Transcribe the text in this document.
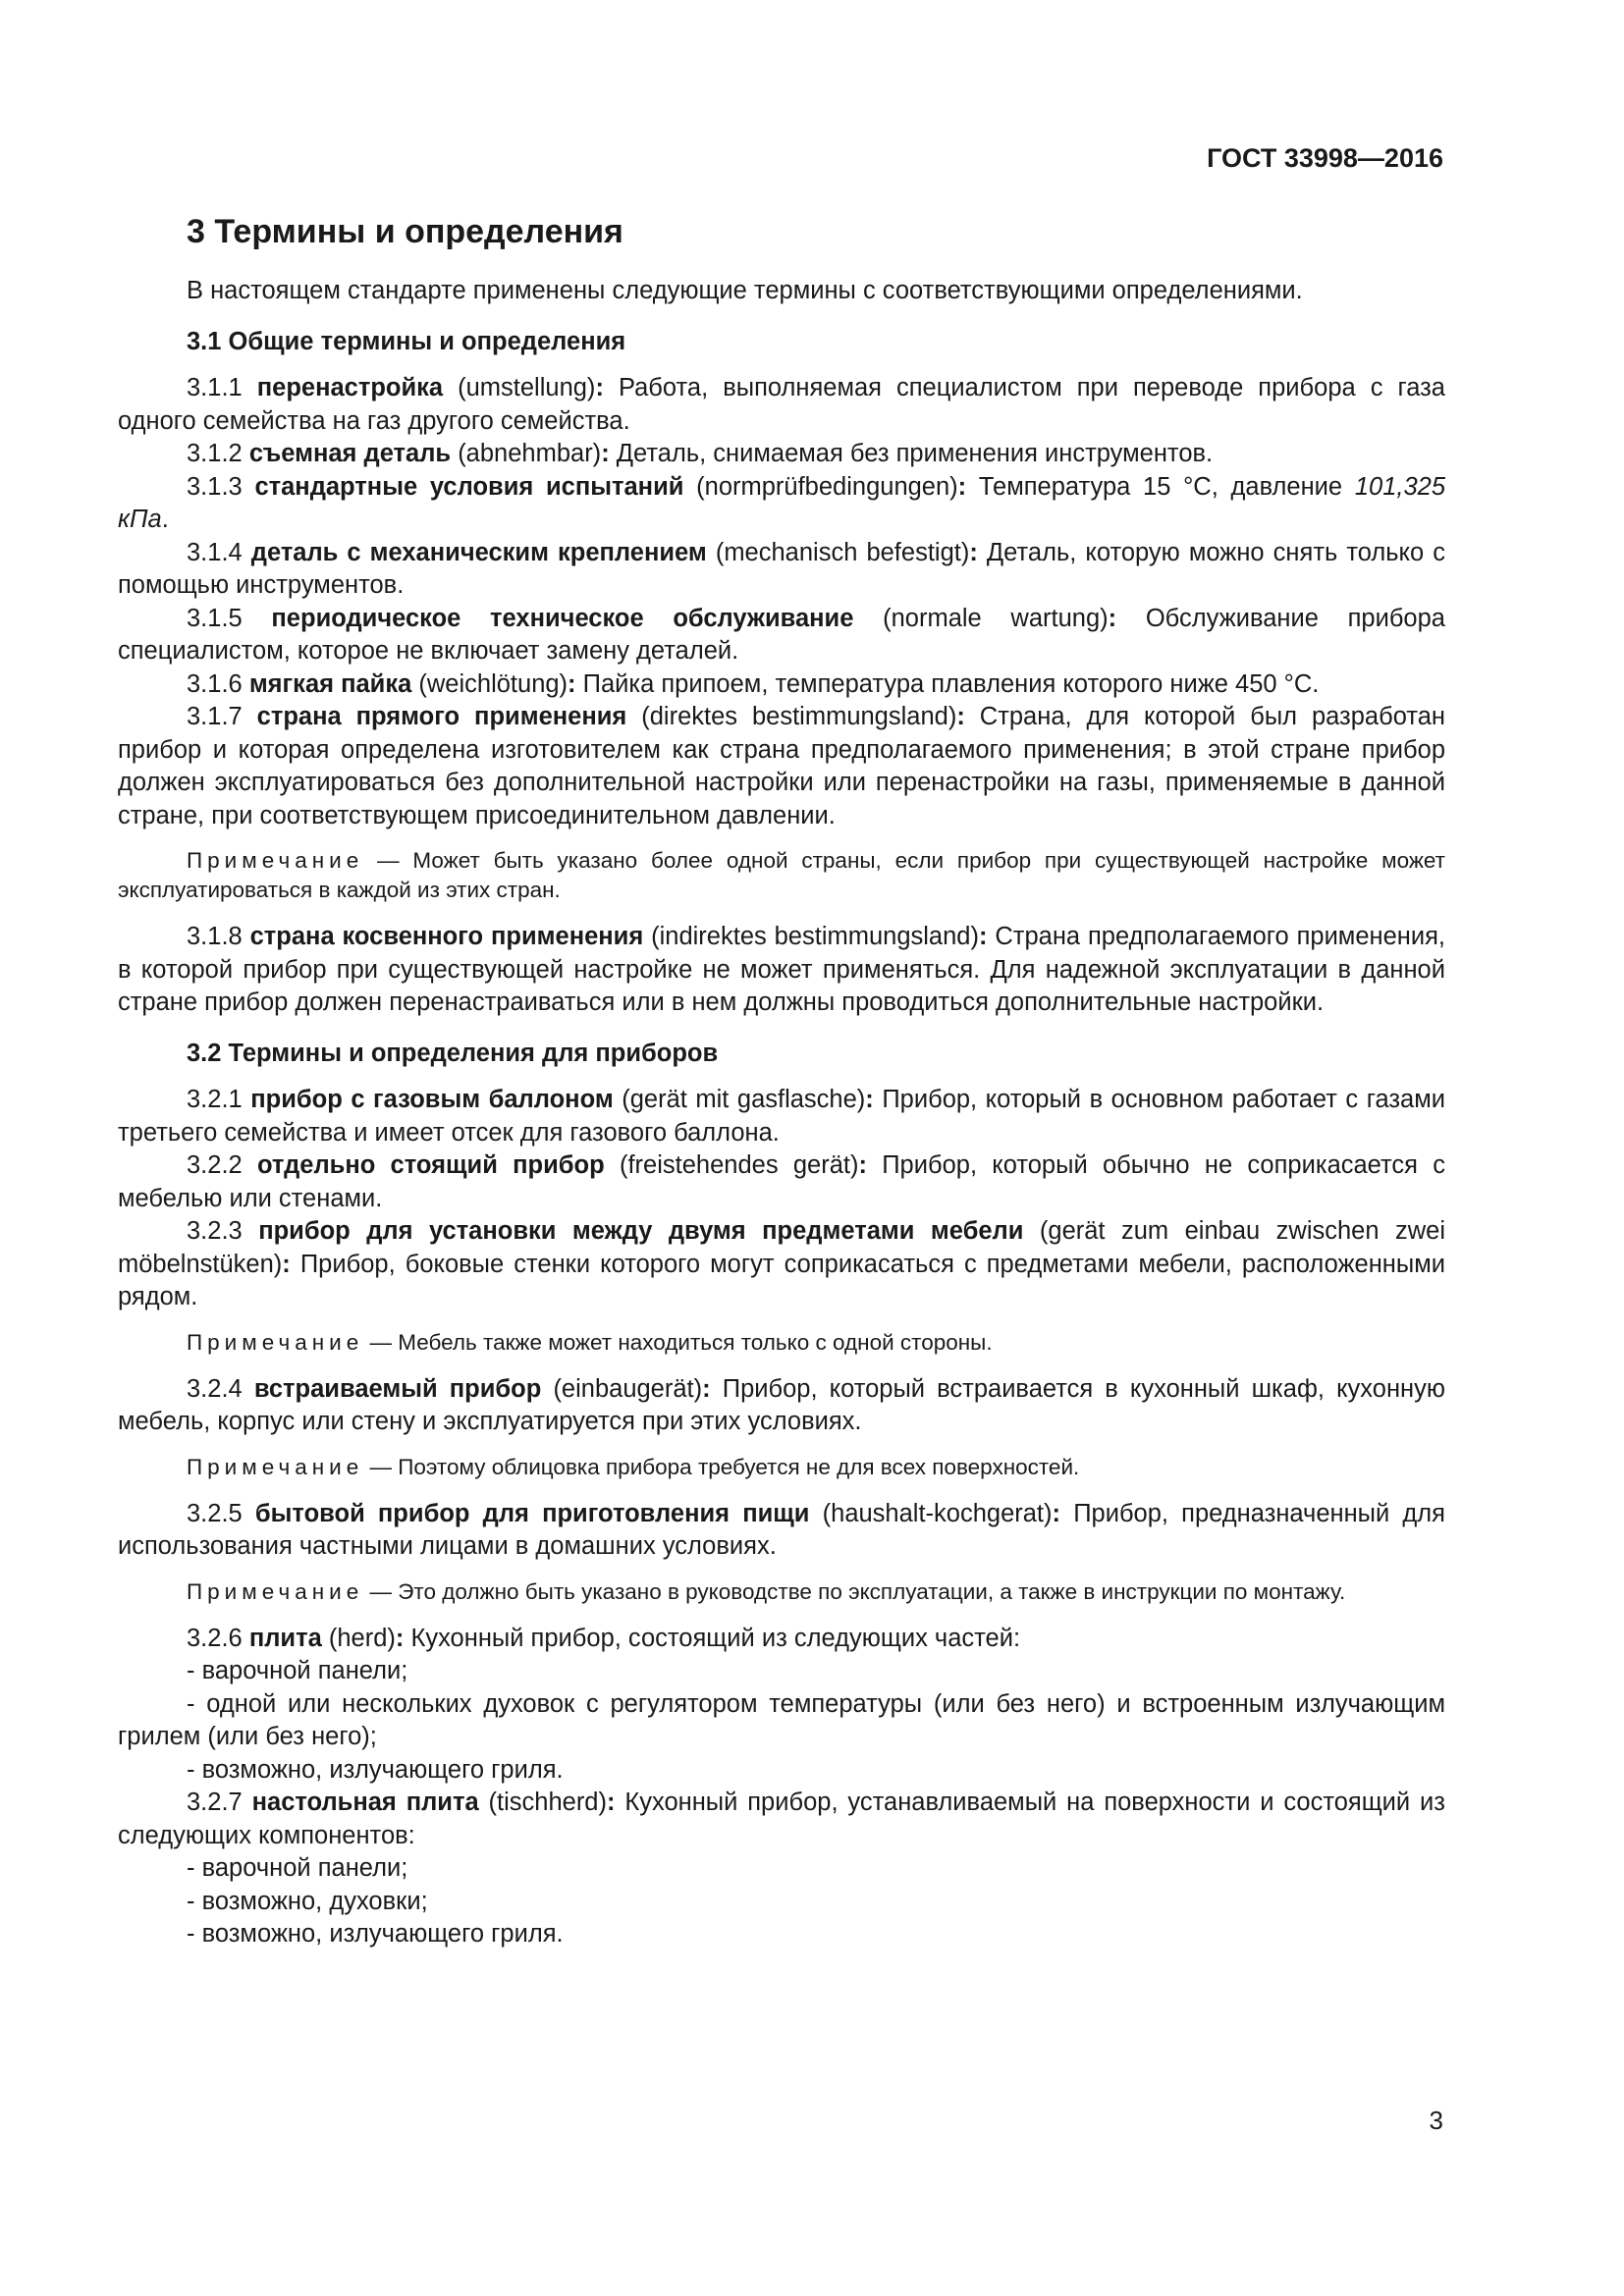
ГОСТ 33998—2016
3 Термины и определения
В настоящем стандарте применены следующие термины с соответствующими определениями.
3.1 Общие термины и определения

3.1.1 перенастройка (umstellung): Работа, выполняемая специалистом при переводе прибора с газа одного семейства на газ другого семейства.

3.1.2 съемная деталь (abnehmbar): Деталь, снимаемая без применения инструментов.

3.1.3 стандартные условия испытаний (normprüfbedingungen): Температура 15 °С, давление 101,325 кПа.

3.1.4 деталь с механическим креплением (mechanisch befestigt): Деталь, которую можно снять только с помощью инструментов.

3.1.5 периодическое техническое обслуживание (normale wartung): Обслуживание прибора специалистом, которое не включает замену деталей.

3.1.6 мягкая пайка (weichlötung): Пайка припоем, температура плавления которого ниже 450 °С.

3.1.7 страна прямого применения (direktes bestimmungsland): Страна, для которой был разработан прибор и которая определена изготовителем как страна предполагаемого применения; в этой стране прибор должен эксплуатироваться без дополнительной настройки или перенастройки на газы, применяемые в данной стране, при соответствующем присоединительном давлении.

Примечание — Может быть указано более одной страны, если прибор при существующей настройке может эксплуатироваться в каждой из этих стран.

3.1.8 страна косвенного применения (indirektes bestimmungsland): Страна предполагаемого применения, в которой прибор при существующей настройке не может применяться. Для надежной эксплуатации в данной стране прибор должен перенастраиваться или в нем должны проводиться дополнительные настройки.

3.2 Термины и определения для приборов

3.2.1 прибор с газовым баллоном (gerät mit gasflasche): Прибор, который в основном работает с газами третьего семейства и имеет отсек для газового баллона.

3.2.2 отдельно стоящий прибор (freistehendes gerät): Прибор, который обычно не соприкасается с мебелью или стенами.

3.2.3 прибор для установки между двумя предметами мебели (gerät zum einbau zwischen zwei möbelnstüken): Прибор, боковые стенки которого могут соприкасаться с предметами мебели, расположенными рядом.

Примечание — Мебель также может находиться только с одной стороны.

3.2.4 встраиваемый прибор (einbaugerät): Прибор, который встраивается в кухонный шкаф, кухонную мебель, корпус или стену и эксплуатируется при этих условиях.

Примечание — Поэтому облицовка прибора требуется не для всех поверхностей.

3.2.5 бытовой прибор для приготовления пищи (haushalt-kochgerat): Прибор, предназначенный для использования частными лицами в домашних условиях.

Примечание — Это должно быть указано в руководстве по эксплуатации, а также в инструкции по монтажу.

3.2.6 плита (herd): Кухонный прибор, состоящий из следующих частей:

- варочной панели;

- одной или нескольких духовок с регулятором температуры (или без него) и встроенным излучающим грилем (или без него);

- возможно, излучающего гриля.

3.2.7 настольная плита (tischherd): Кухонный прибор, устанавливаемый на поверхности и состоящий из следующих компонентов:

- варочной панели;

- возможно, духовки;

- возможно, излучающего гриля.

3
